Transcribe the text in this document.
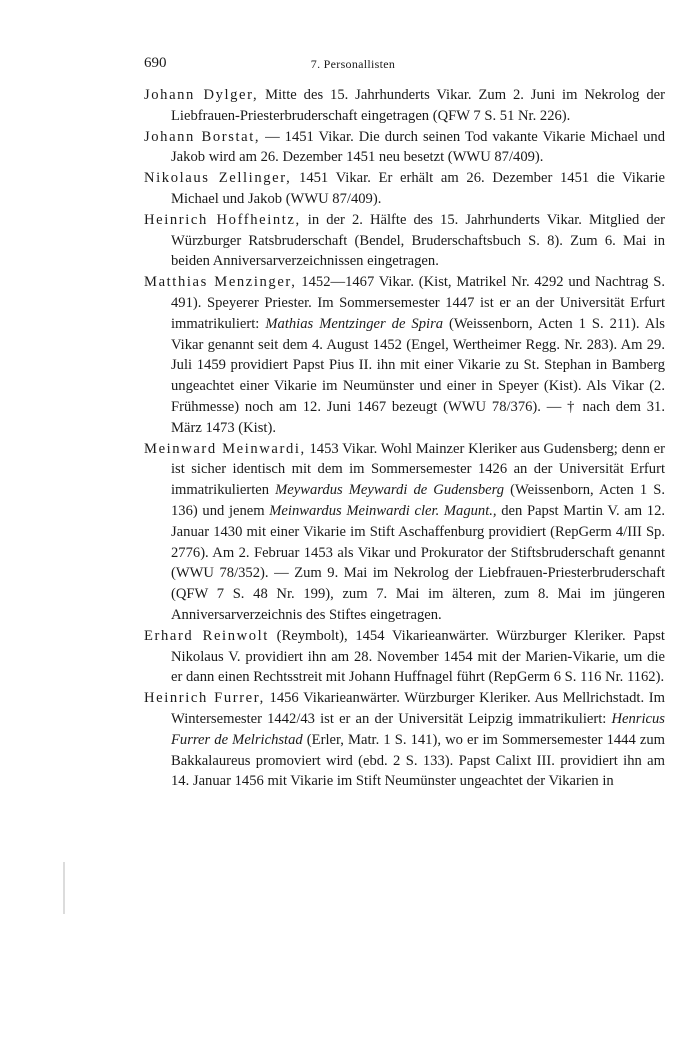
690	7. Personallisten

Johann Dylger, Mitte des 15. Jahrhunderts Vikar. Zum 2. Juni im Nekrolog der Liebfrauen-Priesterbruderschaft eingetragen (QFW 7 S. 51 Nr. 226).

Johann Borstat, — 1451 Vikar. Die durch seinen Tod vakante Vikarie Michael und Jakob wird am 26. Dezember 1451 neu besetzt (WWU 87/409).

Nikolaus Zellinger, 1451 Vikar. Er erhält am 26. Dezember 1451 die Vikarie Michael und Jakob (WWU 87/409).

Heinrich Hoffheintz, in der 2. Hälfte des 15. Jahrhunderts Vikar. Mitglied der Würzburger Ratsbruderschaft (Bendel, Bruderschaftsbuch S. 8). Zum 6. Mai in beiden Anniversarverzeichnissen eingetragen.

Matthias Menzinger, 1452—1467 Vikar. (Kist, Matrikel Nr. 4292 und Nachtrag S. 491). Speyerer Priester. Im Sommersemester 1447 ist er an der Universität Erfurt immatrikuliert: Mathias Mentzinger de Spira (Weissenborn, Acten 1 S. 211). Als Vikar genannt seit dem 4. August 1452 (Engel, Wertheimer Regg. Nr. 283). Am 29. Juli 1459 providiert Papst Pius II. ihn mit einer Vikarie zu St. Stephan in Bamberg ungeachtet einer Vikarie im Neumünster und einer in Speyer (Kist). Als Vikar (2. Frühmesse) noch am 12. Juni 1467 bezeugt (WWU 78/376). — † nach dem 31. März 1473 (Kist).

Meinward Meinwardi, 1453 Vikar. Wohl Mainzer Kleriker aus Gudensberg; denn er ist sicher identisch mit dem im Sommersemester 1426 an der Universität Erfurt immatrikulierten Meywardus Meywardi de Gudensberg (Weissenborn, Acten 1 S. 136) und jenem Meinwardus Meinwardi cler. Magunt., den Papst Martin V. am 12. Januar 1430 mit einer Vikarie im Stift Aschaffenburg providiert (RepGerm 4/III Sp. 2776). Am 2. Februar 1453 als Vikar und Prokurator der Stiftsbruderschaft genannt (WWU 78/352). — Zum 9. Mai im Nekrolog der Liebfrauen-Priesterbruderschaft (QFW 7 S. 48 Nr. 199), zum 7. Mai im älteren, zum 8. Mai im jüngeren Anniversarverzeichnis des Stiftes eingetragen.

Erhard Reinwolt (Reymbolt), 1454 Vikarieanwärter. Würzburger Kleriker. Papst Nikolaus V. providiert ihn am 28. November 1454 mit der Marien-Vikarie, um die er dann einen Rechtsstreit mit Johann Huffnagel führt (RepGerm 6 S. 116 Nr. 1162).

Heinrich Furrer, 1456 Vikarieanwärter. Würzburger Kleriker. Aus Mellrichstadt. Im Wintersemester 1442/43 ist er an der Universität Leipzig immatrikuliert: Henricus Furrer de Melrichstad (Erler, Matr. 1 S. 141), wo er im Sommersemester 1444 zum Bakkalaureus promoviert wird (ebd. 2 S. 133). Papst Calixt III. providiert ihn am 14. Januar 1456 mit Vikarie im Stift Neumünster ungeachtet der Vikarien in
